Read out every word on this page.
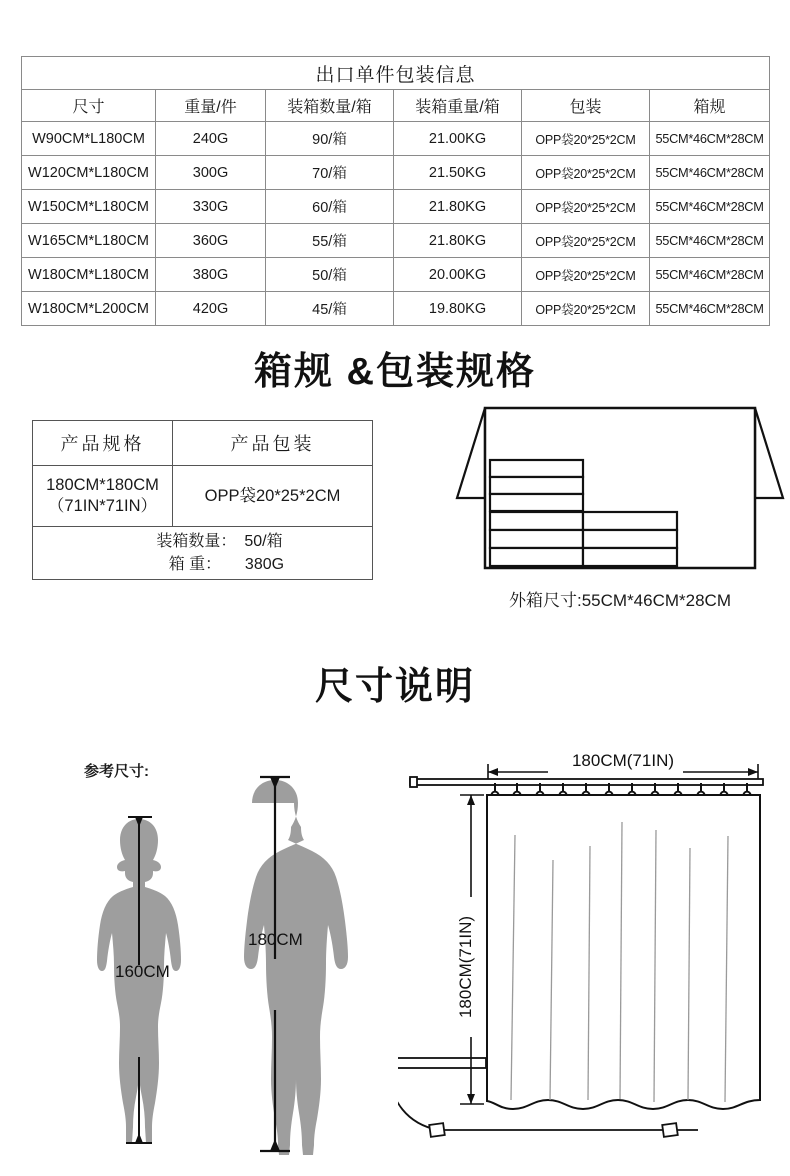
出口单件包装信息					
尺寸	重量/件	装箱数量/箱	装箱重量/箱	包装	箱规
W90CM*L180CM	240G	90/箱	21.00KG	OPP袋20*25*2CM	55CM*46CM*28CM
W120CM*L180CM	300G	70/箱	21.50KG	OPP袋20*25*2CM	55CM*46CM*28CM
W150CM*L180CM	330G	60/箱	21.80KG	OPP袋20*25*2CM	55CM*46CM*28CM
W165CM*L180CM	360G	55/箱	21.80KG	OPP袋20*25*2CM	55CM*46CM*28CM
W180CM*L180CM	380G	50/箱	20.00KG	OPP袋20*25*2CM	55CM*46CM*28CM
W180CM*L200CM	420G	45/箱	19.80KG	OPP袋20*25*2CM	55CM*46CM*28CM
箱规 &包装规格
产品规格	产品包装

180CM*180CM
（71IN*71IN）	OPP袋20*25*2CM

装箱数量： 50/箱
箱 重： 380G	
外箱尺寸:55CM*46CM*28CM
尺寸说明
参考尺寸:
160CM
180CM
180CM(71IN)
180CM(71IN)
